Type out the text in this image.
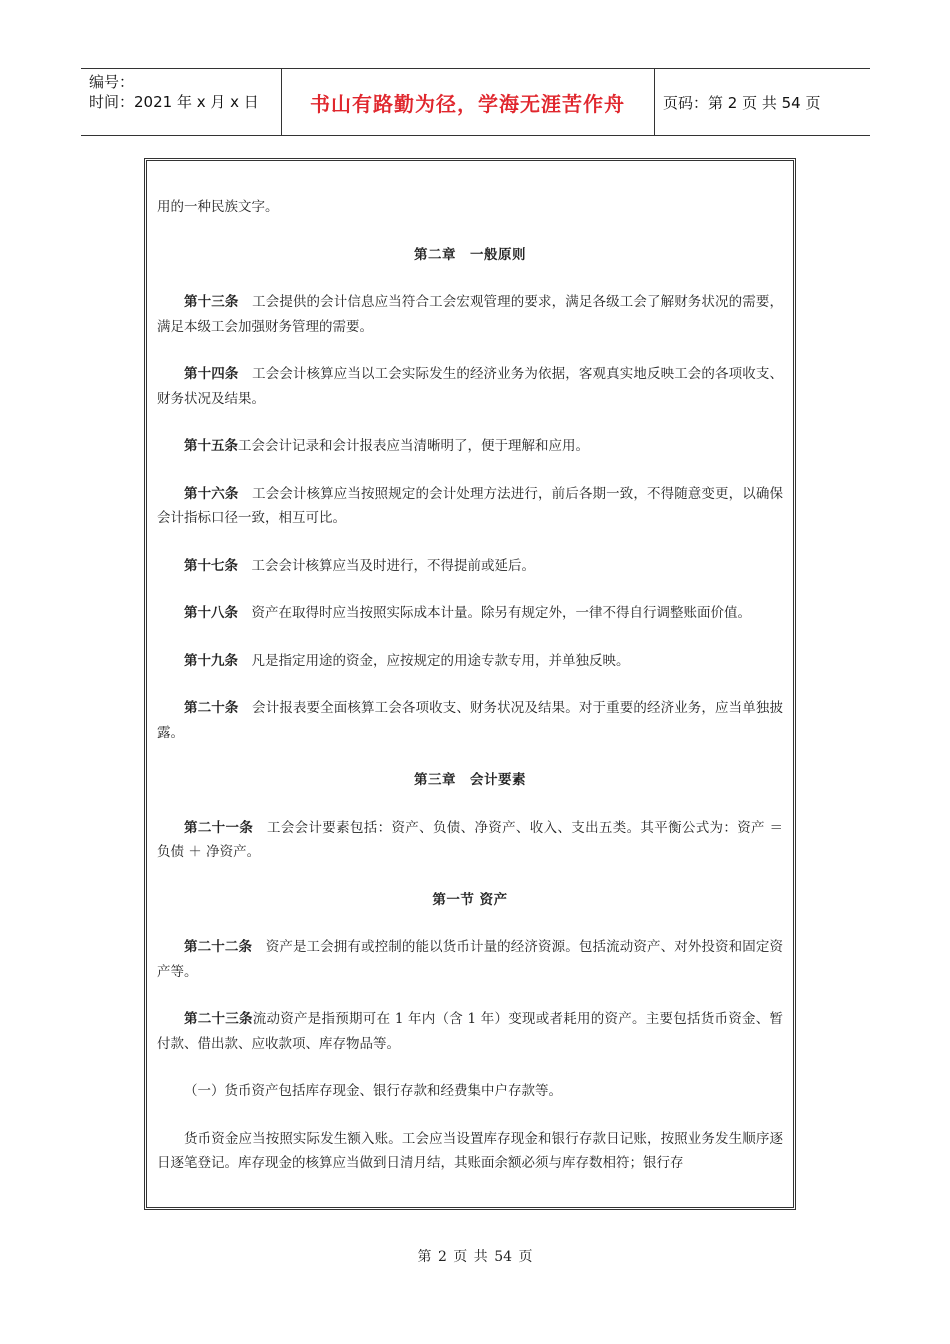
编号：
时间：2021 年 x 月 x 日	书山有路勤为径，学海无涯苦作舟	页码：第 2 页 共 54 页

用的一种民族文字。

第二章　一般原则

第十三条 工会提供的会计信息应当符合工会宏观管理的要求，满足各级工会了解财务状况的需要，满足本级工会加强财务管理的需要。

第十四条 工会会计核算应当以工会实际发生的经济业务为依据，客观真实地反映工会的各项收支、财务状况及结果。

第十五条工会会计记录和会计报表应当清晰明了，便于理解和应用。

第十六条 工会会计核算应当按照规定的会计处理方法进行，前后各期一致，不得随意变更，以确保会计指标口径一致，相互可比。

第十七条 工会会计核算应当及时进行，不得提前或延后。

第十八条 资产在取得时应当按照实际成本计量。除另有规定外，一律不得自行调整账面价值。

第十九条 凡是指定用途的资金，应按规定的用途专款专用，并单独反映。

第二十条 会计报表要全面核算工会各项收支、财务状况及结果。对于重要的经济业务，应当单独披露。

第三章　会计要素

第二十一条 工会会计要素包括：资产、负债、净资产、收入、支出五类。其平衡公式为：资产 ＝ 负债 ＋ 净资产。

第一节 资产

第二十二条 资产是工会拥有或控制的能以货币计量的经济资源。包括流动资产、对外投资和固定资产等。

第二十三条流动资产是指预期可在 1 年内（含 1 年）变现或者耗用的资产。主要包括货币资金、暂付款、借出款、应收款项、库存物品等。

（一）货币资产包括库存现金、银行存款和经费集中户存款等。

货币资金应当按照实际发生额入账。工会应当设置库存现金和银行存款日记账，按照业务发生顺序逐日逐笔登记。库存现金的核算应当做到日清月结，其账面余额必须与库存数相符；银行存

第 2 页 共 54 页
